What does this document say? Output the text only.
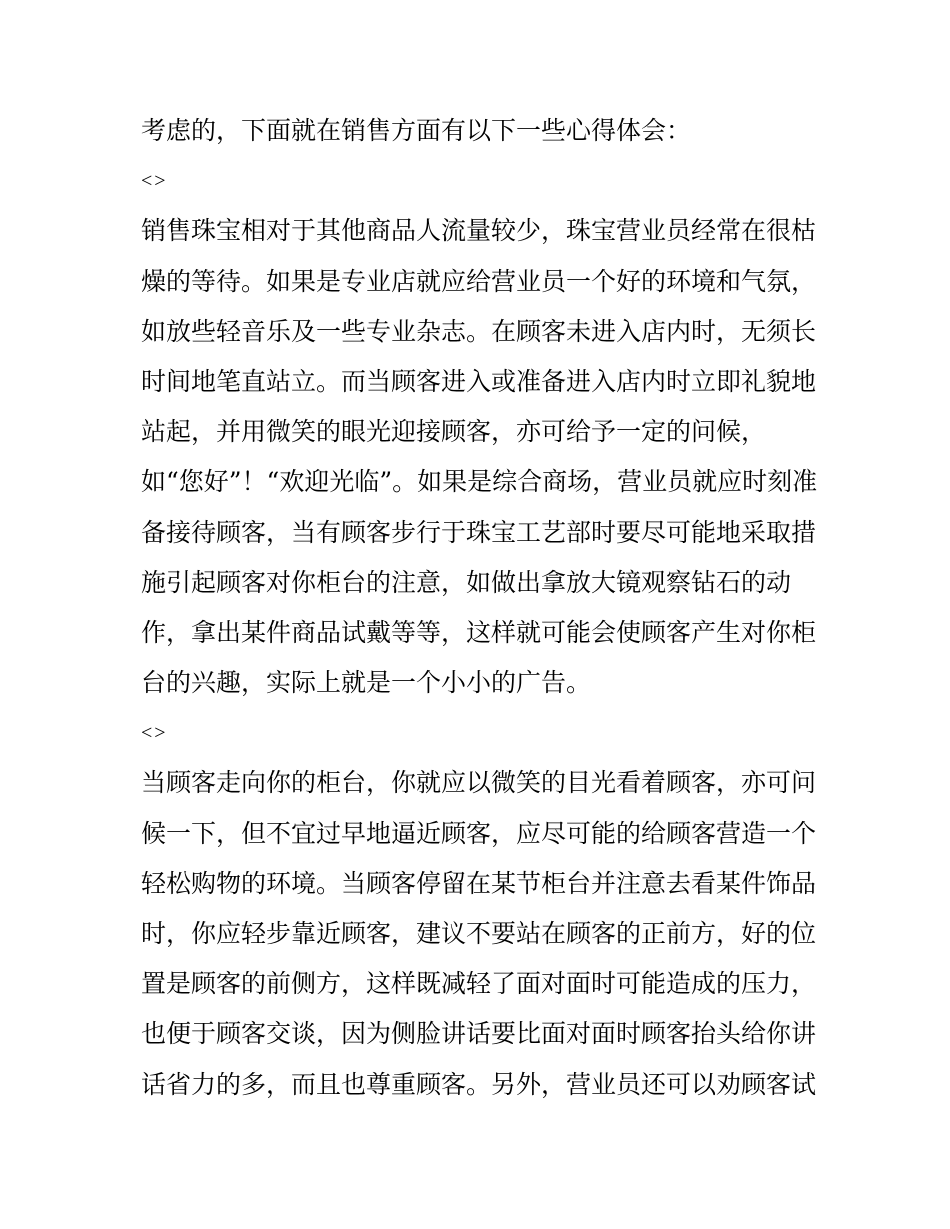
考虑的，下面就在销售方面有以下一些心得体会：
<>
销售珠宝相对于其他商品人流量较少，珠宝营业员经常在很枯
燥的等待。如果是专业店就应给营业员一个好的环境和气氛，
如放些轻音乐及一些专业杂志。在顾客未进入店内时，无须长
时间地笔直站立。而当顾客进入或准备进入店内时立即礼貌地
站起，并用微笑的眼光迎接顾客，亦可给予一定的问候，
如“您好”！“欢迎光临”。如果是综合商场，营业员就应时刻准
备接待顾客，当有顾客步行于珠宝工艺部时要尽可能地采取措
施引起顾客对你柜台的注意，如做出拿放大镜观察钻石的动
作，拿出某件商品试戴等等，这样就可能会使顾客产生对你柜
台的兴趣，实际上就是一个小小的广告。
<>
当顾客走向你的柜台，你就应以微笑的目光看着顾客，亦可问
候一下，但不宜过早地逼近顾客，应尽可能的给顾客营造一个
轻松购物的环境。当顾客停留在某节柜台并注意去看某件饰品
时，你应轻步靠近顾客，建议不要站在顾客的正前方，好的位
置是顾客的前侧方，这样既减轻了面对面时可能造成的压力，
也便于顾客交谈，因为侧脸讲话要比面对面时顾客抬头给你讲
话省力的多，而且也尊重顾客。另外，营业员还可以劝顾客试
